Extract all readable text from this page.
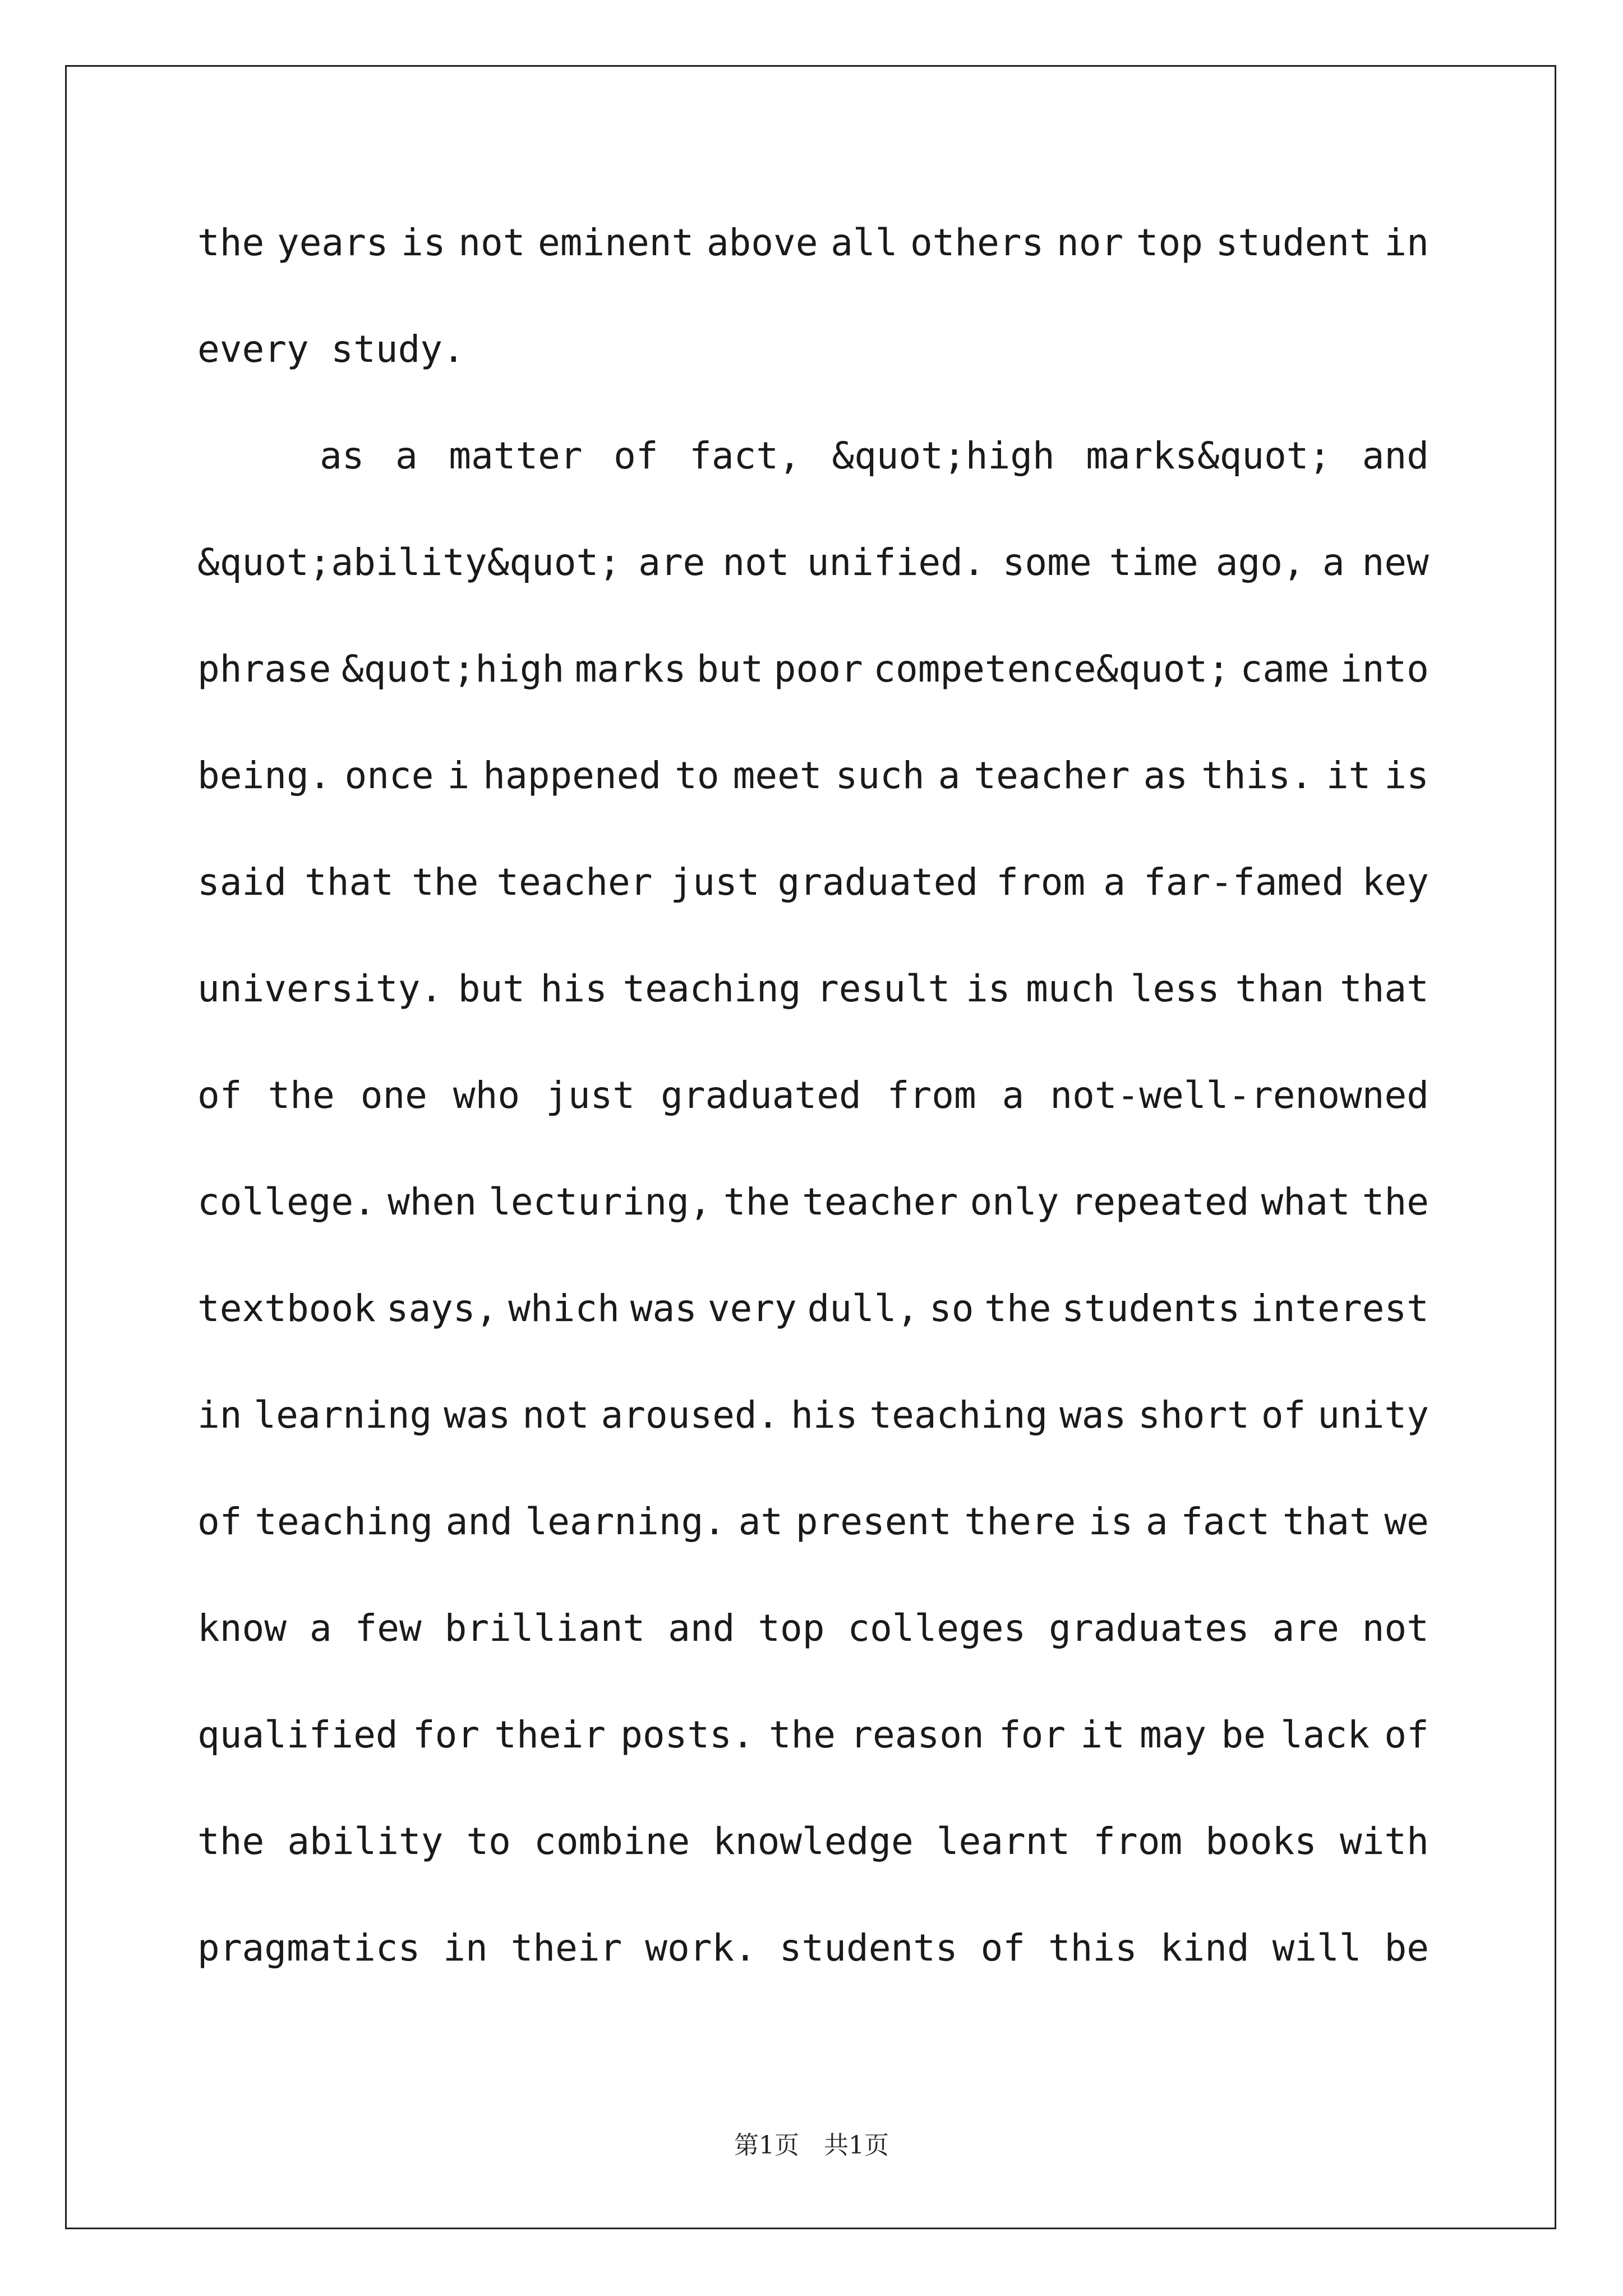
the years is not eminent above all others nor top student in
every study.
as a matter of fact, &quot;high marks&quot; and
&quot;ability&quot; are not unified. some time ago, a new
phrase &quot;high marks but poor competence&quot; came into
being. once i happened to meet such a teacher as this. it is
said that the teacher just graduated from a far-famed key
university. but his teaching result is much less than that
of the one who just graduated from a not-well-renowned
college. when lecturing, the teacher only repeated what the
textbook says, which was very dull, so the students interest
in learning was not aroused. his teaching was short of unity
of teaching and learning. at present there is a fact that we
know a few brilliant and top colleges graduates are not
qualified for their posts. the reason for it may be lack of
the ability to combine knowledge learnt from books with
pragmatics in their work. students of this kind will be
第1页　共1页
